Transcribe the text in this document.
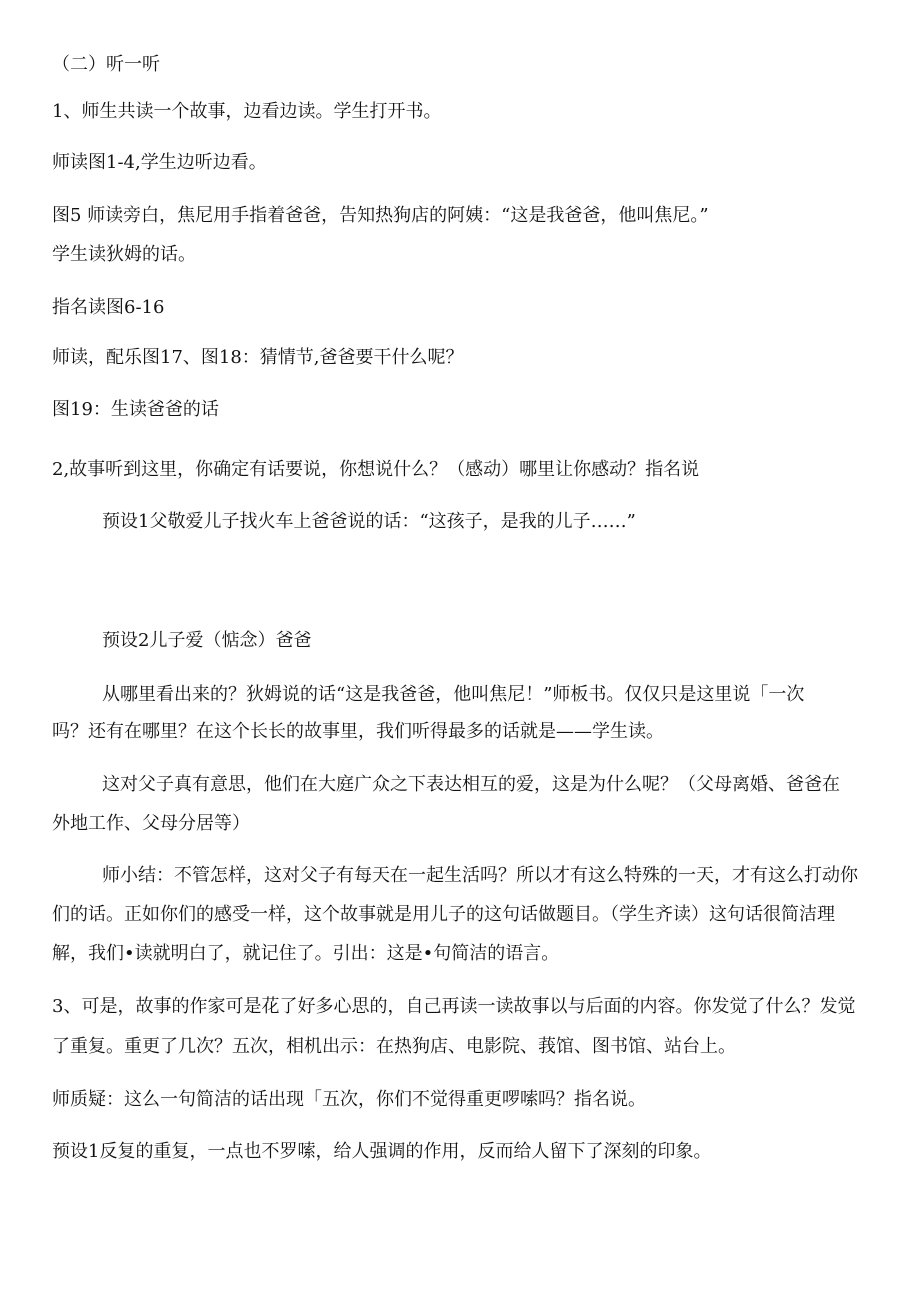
（二）听一听

1、师生共读一个故事，边看边读。学生打开书。

师读图1-4,学生边听边看。

图5 师读旁白，焦尼用手指着爸爸，告知热狗店的阿姨：“这是我爸爸，他叫焦尼。”

学生读狄姆的话。

指名读图6-16

师读，配乐图17、图18：猜情节,爸爸要干什么呢？

图19：生读爸爸的话

2,故事听到这里，你确定有话要说，你想说什么？（感动）哪里让你感动？指名说

预设1父敬爱儿子找火车上爸爸说的话：“这孩子，是我的儿子……”

预设2儿子爱（惦念）爸爸

从哪里看出来的？狄姆说的话“这是我爸爸，他叫焦尼！”师板书。仅仅只是这里说「一次

吗？还有在哪里？在这个长长的故事里，我们听得最多的话就是——学生读。

这对父子真有意思，他们在大庭广众之下表达相互的爱，这是为什么呢？（父母离婚、爸爸在

外地工作、父母分居等）

师小结：不管怎样，这对父子有每天在一起生活吗？所以才有这么特殊的一天，才有这么打动你

们的话。正如你们的感受一样，这个故事就是用儿子的这句话做题目。（学生齐读）这句话很简洁理

解，我们•读就明白了，就记住了。引出：这是•句简洁的语言。

3、可是，故事的作家可是花了好多心思的，自己再读一读故事以与后面的内容。你发觉了什么？发觉

了重复。重更了几次？五次，相机出示：在热狗店、电影院、莪馆、图书馆、站台上。

师质疑：这么一句简洁的话出现「五次，你们不觉得重更啰嗦吗？指名说。

预设1反复的重复，一点也不罗嗦，给人强调的作用，反而给人留下了深刻的印象。
